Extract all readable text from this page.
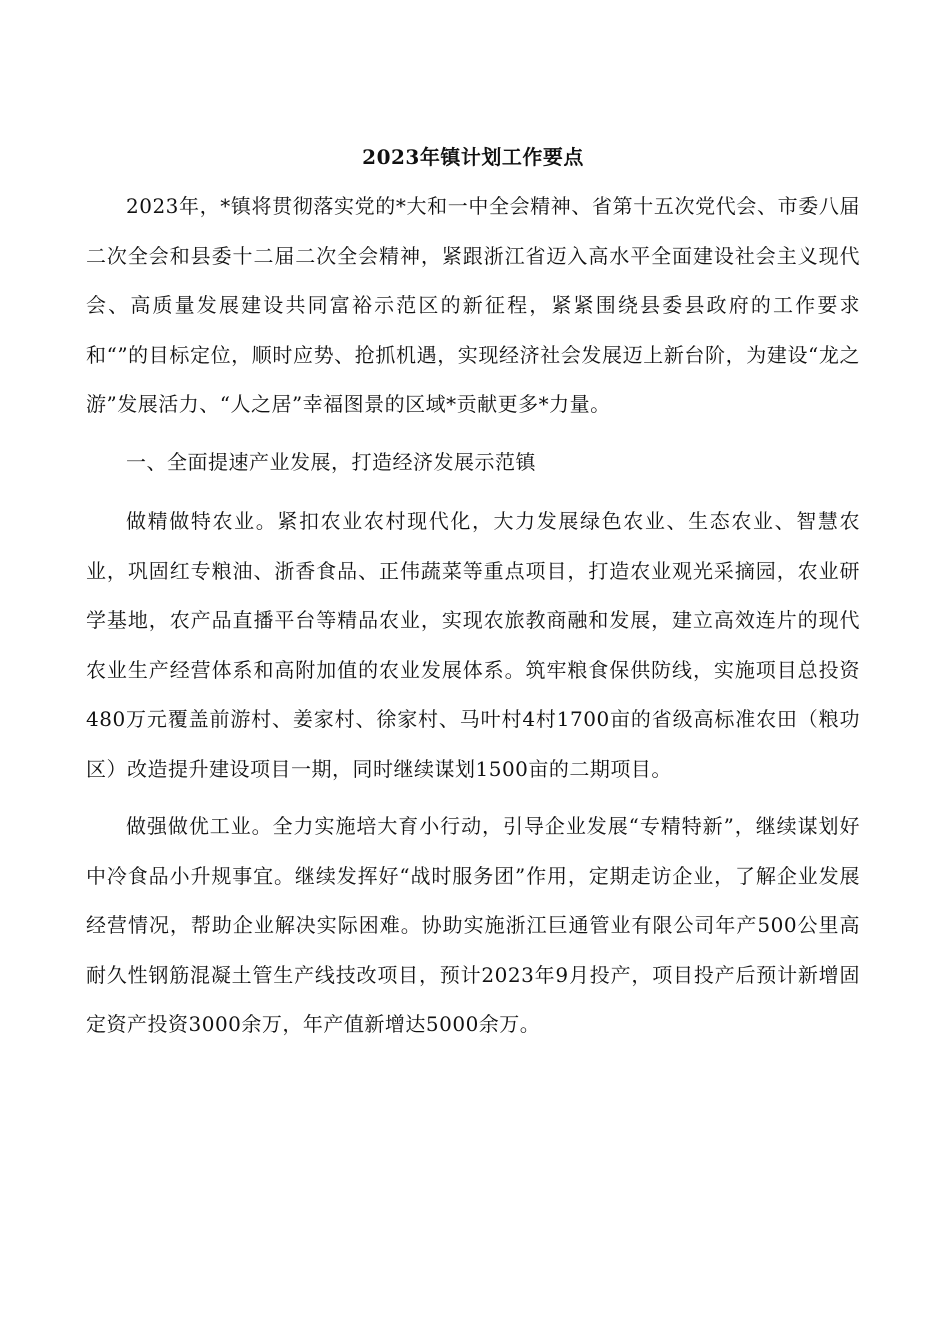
2023年镇计划工作要点

2023年，*镇将贯彻落实党的*大和一中全会精神、省第十五次党代会、市委八届二次全会和县委十二届二次全会精神，紧跟浙江省迈入高水平全面建设社会主义现代会、高质量发展建设共同富裕示范区的新征程，紧紧围绕县委县政府的工作要求和“”的目标定位，顺时应势、抢抓机遇，实现经济社会发展迈上新台阶，为建设“龙之游”发展活力、“人之居”幸福图景的区域*贡献更多*力量。

一、全面提速产业发展，打造经济发展示范镇

做精做特农业。紧扣农业农村现代化，大力发展绿色农业、生态农业、智慧农业，巩固红专粮油、浙香食品、正伟蔬菜等重点项目，打造农业观光采摘园，农业研学基地，农产品直播平台等精品农业，实现农旅教商融和发展，建立高效连片的现代农业生产经营体系和高附加值的农业发展体系。筑牢粮食保供防线，实施项目总投资480万元覆盖前游村、姜家村、徐家村、马叶村4村1700亩的省级高标准农田（粮功区）改造提升建设项目一期，同时继续谋划1500亩的二期项目。

做强做优工业。全力实施培大育小行动，引导企业发展“专精特新”，继续谋划好中冷食品小升规事宜。继续发挥好“战时服务团”作用，定期走访企业，了解企业发展经营情况，帮助企业解决实际困难。协助实施浙江巨通管业有限公司年产500公里高耐久性钢筋混凝土管生产线技改项目，预计2023年9月投产，项目投产后预计新增固定资产投资3000余万，年产值新增达5000余万。
